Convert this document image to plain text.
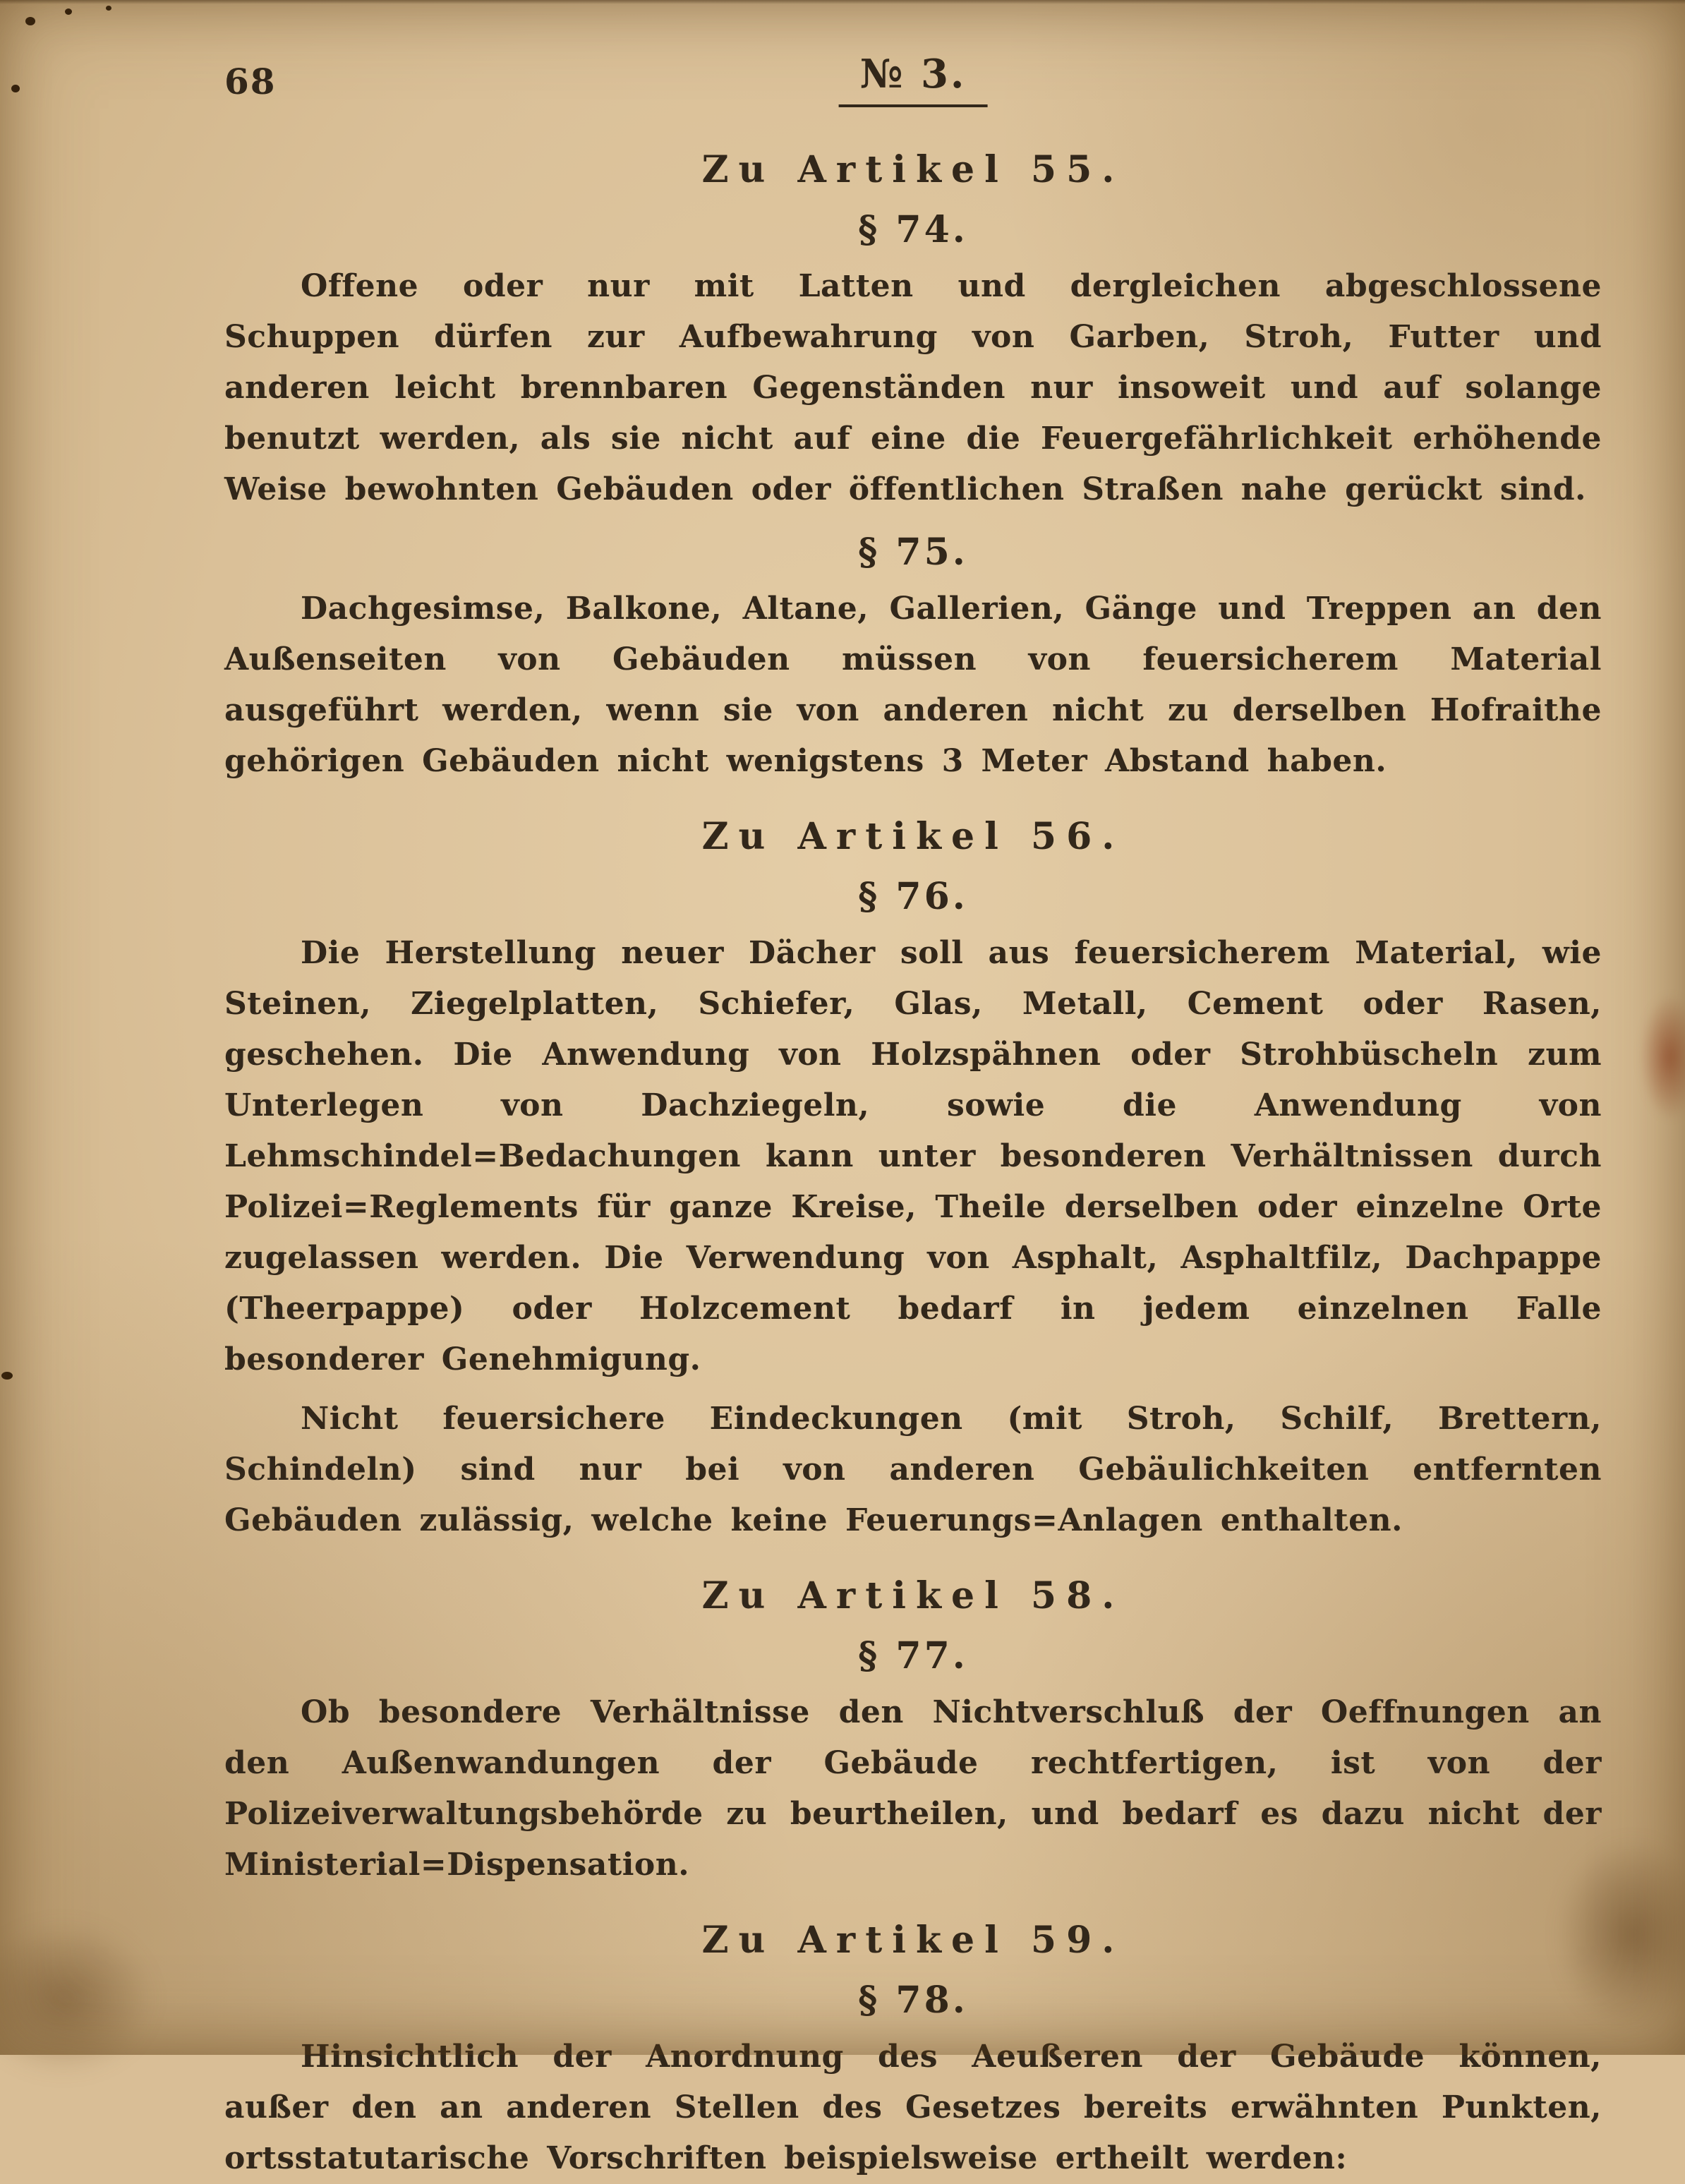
68	№ 3.
Zu Artikel 55.
§ 74.

Offene oder nur mit Latten und dergleichen abgeschlossene Schuppen dürfen zur Aufbewahrung von Garben, Stroh, Futter und anderen leicht brennbaren Gegenständen nur insoweit und auf solange benutzt werden, als sie nicht auf eine die Feuergefährlichkeit erhöhende Weise bewohnten Gebäuden oder öffentlichen Straßen nahe gerückt sind.

§ 75.

Dachgesimse, Balkone, Altane, Gallerien, Gänge und Treppen an den Außenseiten von Gebäuden müssen von feuersicherem Material ausgeführt werden, wenn sie von anderen nicht zu derselben Hofraithe gehörigen Gebäuden nicht wenigstens 3 Meter Abstand haben.

Zu Artikel 56.
§ 76.

Die Herstellung neuer Dächer soll aus feuersicherem Material, wie Steinen, Ziegelplatten, Schiefer, Glas, Metall, Cement oder Rasen, geschehen. Die Anwendung von Holzspähnen oder Strohbüscheln zum Unterlegen von Dachziegeln, sowie die Anwendung von Lehmschindel=Bedachungen kann unter besonderen Verhältnissen durch Polizei=Reglements für ganze Kreise, Theile derselben oder einzelne Orte zugelassen werden. Die Verwendung von Asphalt, Asphaltfilz, Dachpappe (Theerpappe) oder Holzcement bedarf in jedem einzelnen Falle besonderer Genehmigung.

Nicht feuersichere Eindeckungen (mit Stroh, Schilf, Brettern, Schindeln) sind nur bei von anderen Gebäulichkeiten entfernten Gebäuden zulässig, welche keine Feuerungs=Anlagen enthalten.

Zu Artikel 58.
§ 77.

Ob besondere Verhältnisse den Nichtverschluß der Oeffnungen an den Außenwandungen der Gebäude rechtfertigen, ist von der Polizeiverwaltungsbehörde zu beurtheilen, und bedarf es dazu nicht der Ministerial=Dispensation.

Zu Artikel 59.
§ 78.

Hinsichtlich der Anordnung des Aeußeren der Gebäude können, außer den an anderen Stellen des Gesetzes bereits erwähnten Punkten, ortsstatutarische Vorschriften beispielsweise ertheilt werden:
